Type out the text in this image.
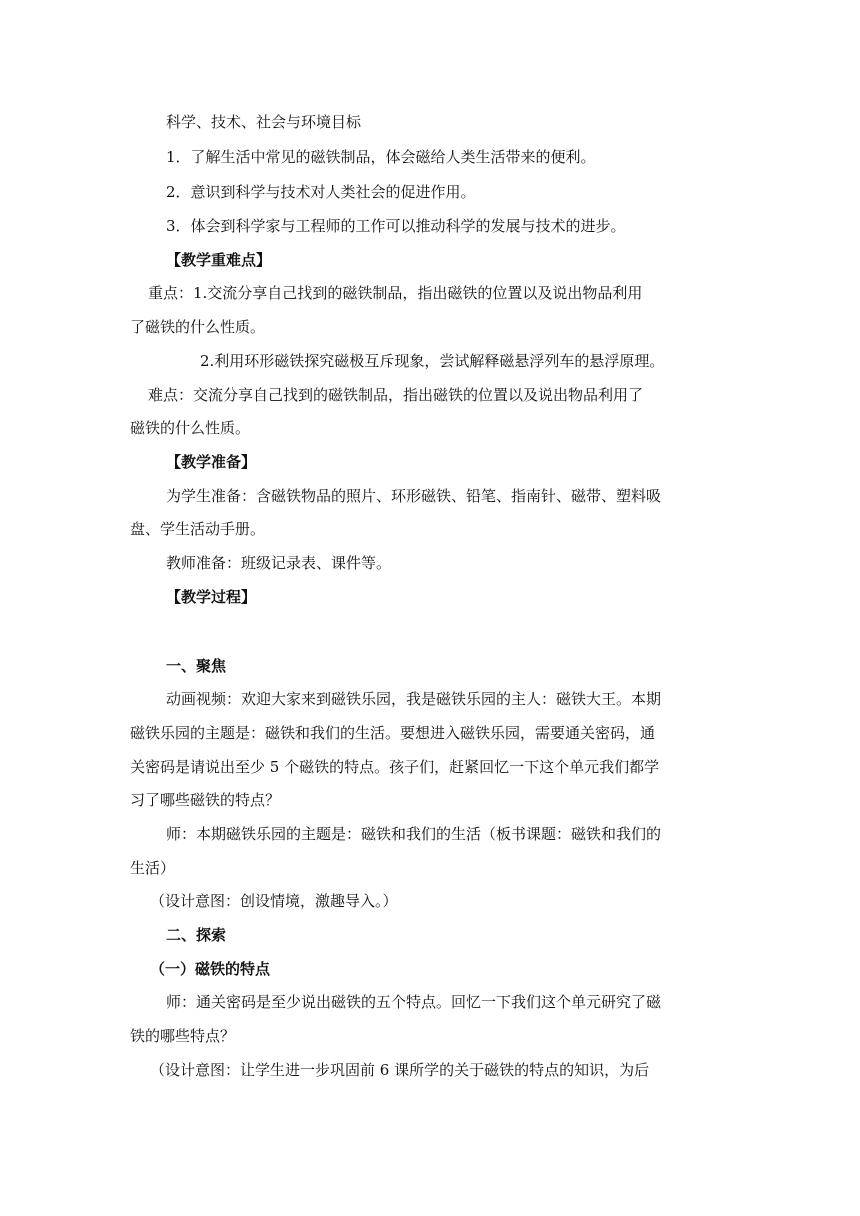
科学、技术、社会与环境目标
1．了解生活中常见的磁铁制品，体会磁给人类生活带来的便利。
2．意识到科学与技术对人类社会的促进作用。
3．体会到科学家与工程师的工作可以推动科学的发展与技术的进步。
【教学重难点】
重点：1.交流分享自己找到的磁铁制品，指出磁铁的位置以及说出物品利用
了磁铁的什么性质。
2.利用环形磁铁探究磁极互斥现象，尝试解释磁悬浮列车的悬浮原理。
难点：交流分享自己找到的磁铁制品，指出磁铁的位置以及说出物品利用了
磁铁的什么性质。
【教学准备】
为学生准备：含磁铁物品的照片、环形磁铁、铅笔、指南针、磁带、塑料吸
盘、学生活动手册。
教师准备：班级记录表、课件等。
【教学过程】
一、聚焦
动画视频：欢迎大家来到磁铁乐园，我是磁铁乐园的主人：磁铁大王。本期
磁铁乐园的主题是：磁铁和我们的生活。要想进入磁铁乐园，需要通关密码，通
关密码是请说出至少 5 个磁铁的特点。孩子们，赶紧回忆一下这个单元我们都学
习了哪些磁铁的特点？
师：本期磁铁乐园的主题是：磁铁和我们的生活（板书课题：磁铁和我们的
生活）
（设计意图：创设情境，激趣导入。）
二、探索
（一）磁铁的特点
师：通关密码是至少说出磁铁的五个特点。回忆一下我们这个单元研究了磁
铁的哪些特点？
（设计意图：让学生进一步巩固前 6 课所学的关于磁铁的特点的知识，为后
